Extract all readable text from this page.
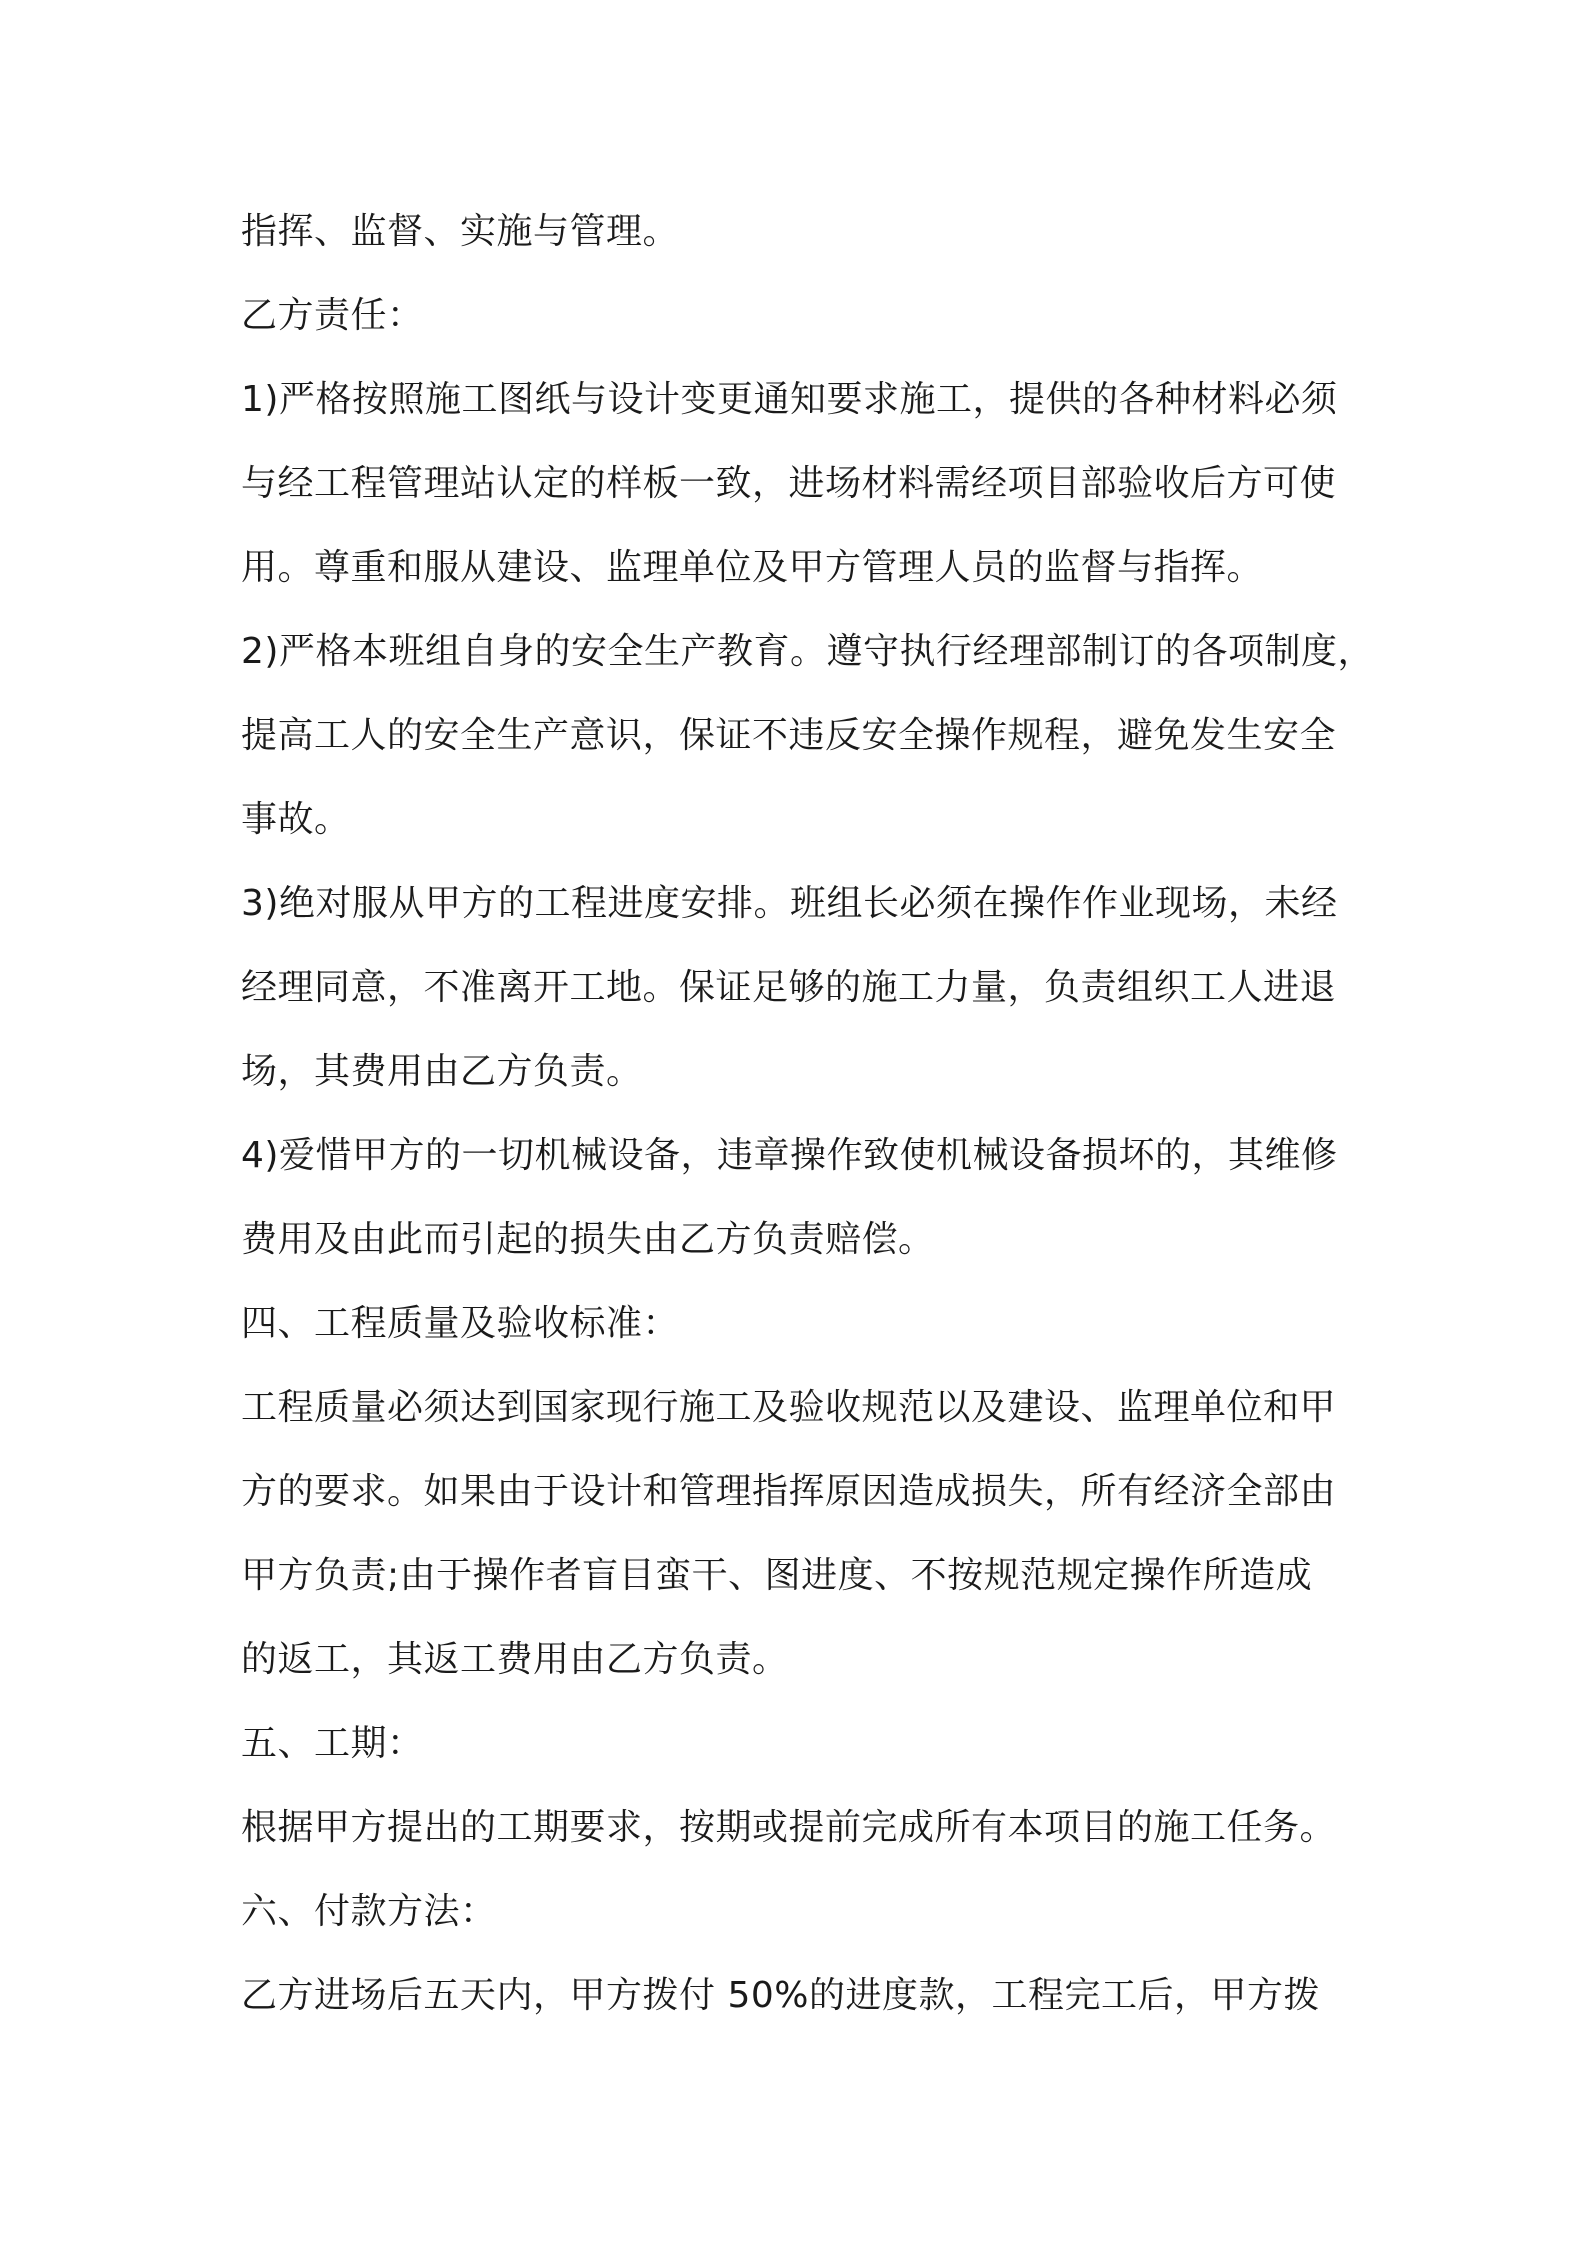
指挥、监督、实施与管理。

乙方责任：

1)严格按照施工图纸与设计变更通知要求施工，提供的各种材料必须

与经工程管理站认定的样板一致，进场材料需经项目部验收后方可使

用。尊重和服从建设、监理单位及甲方管理人员的监督与指挥。

2)严格本班组自身的安全生产教育。遵守执行经理部制订的各项制度，

提高工人的安全生产意识，保证不违反安全操作规程，避免发生安全

事故。

3)绝对服从甲方的工程进度安排。班组长必须在操作作业现场，未经

经理同意，不准离开工地。保证足够的施工力量，负责组织工人进退

场，其费用由乙方负责。

4)爱惜甲方的一切机械设备，违章操作致使机械设备损坏的，其维修

费用及由此而引起的损失由乙方负责赔偿。

四、工程质量及验收标准：

工程质量必须达到国家现行施工及验收规范以及建设、监理单位和甲

方的要求。如果由于设计和管理指挥原因造成损失，所有经济全部由

甲方负责;由于操作者盲目蛮干、图进度、不按规范规定操作所造成

的返工，其返工费用由乙方负责。

五、工期：

根据甲方提出的工期要求，按期或提前完成所有本项目的施工任务。

六、付款方法：

乙方进场后五天内，甲方拨付 50%的进度款，工程完工后，甲方拨
